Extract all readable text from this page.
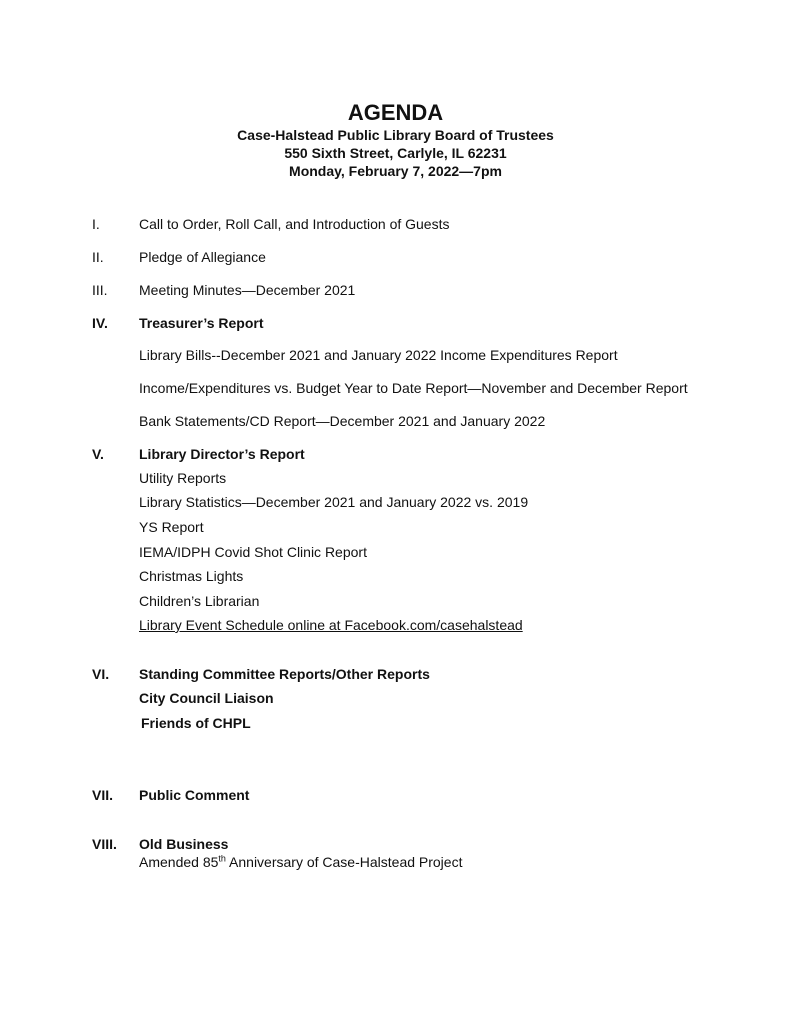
AGENDA
Case-Halstead Public Library Board of Trustees
550 Sixth Street, Carlyle, IL 62231
Monday, February 7, 2022—7pm
I.	Call to Order, Roll Call, and Introduction of Guests
II.	Pledge of Allegiance
III. Meeting Minutes—December 2021
IV. Treasurer’s Report
Library Bills--December 2021 and January 2022 Income Expenditures Report
Income/Expenditures vs. Budget Year to Date Report—November and December Report
Bank Statements/CD Report—December 2021 and January 2022
V.	Library Director’s Report
Utility Reports
Library Statistics—December 2021 and January 2022 vs. 2019
YS Report
IEMA/IDPH Covid Shot Clinic Report
Christmas Lights
Children’s Librarian
Library Event Schedule online at Facebook.com/casehalstead
VI. Standing Committee Reports/Other Reports
City Council Liaison
Friends of CHPL
VII. Public Comment
VIII. Old Business
Amended 85th Anniversary of Case-Halstead Project
